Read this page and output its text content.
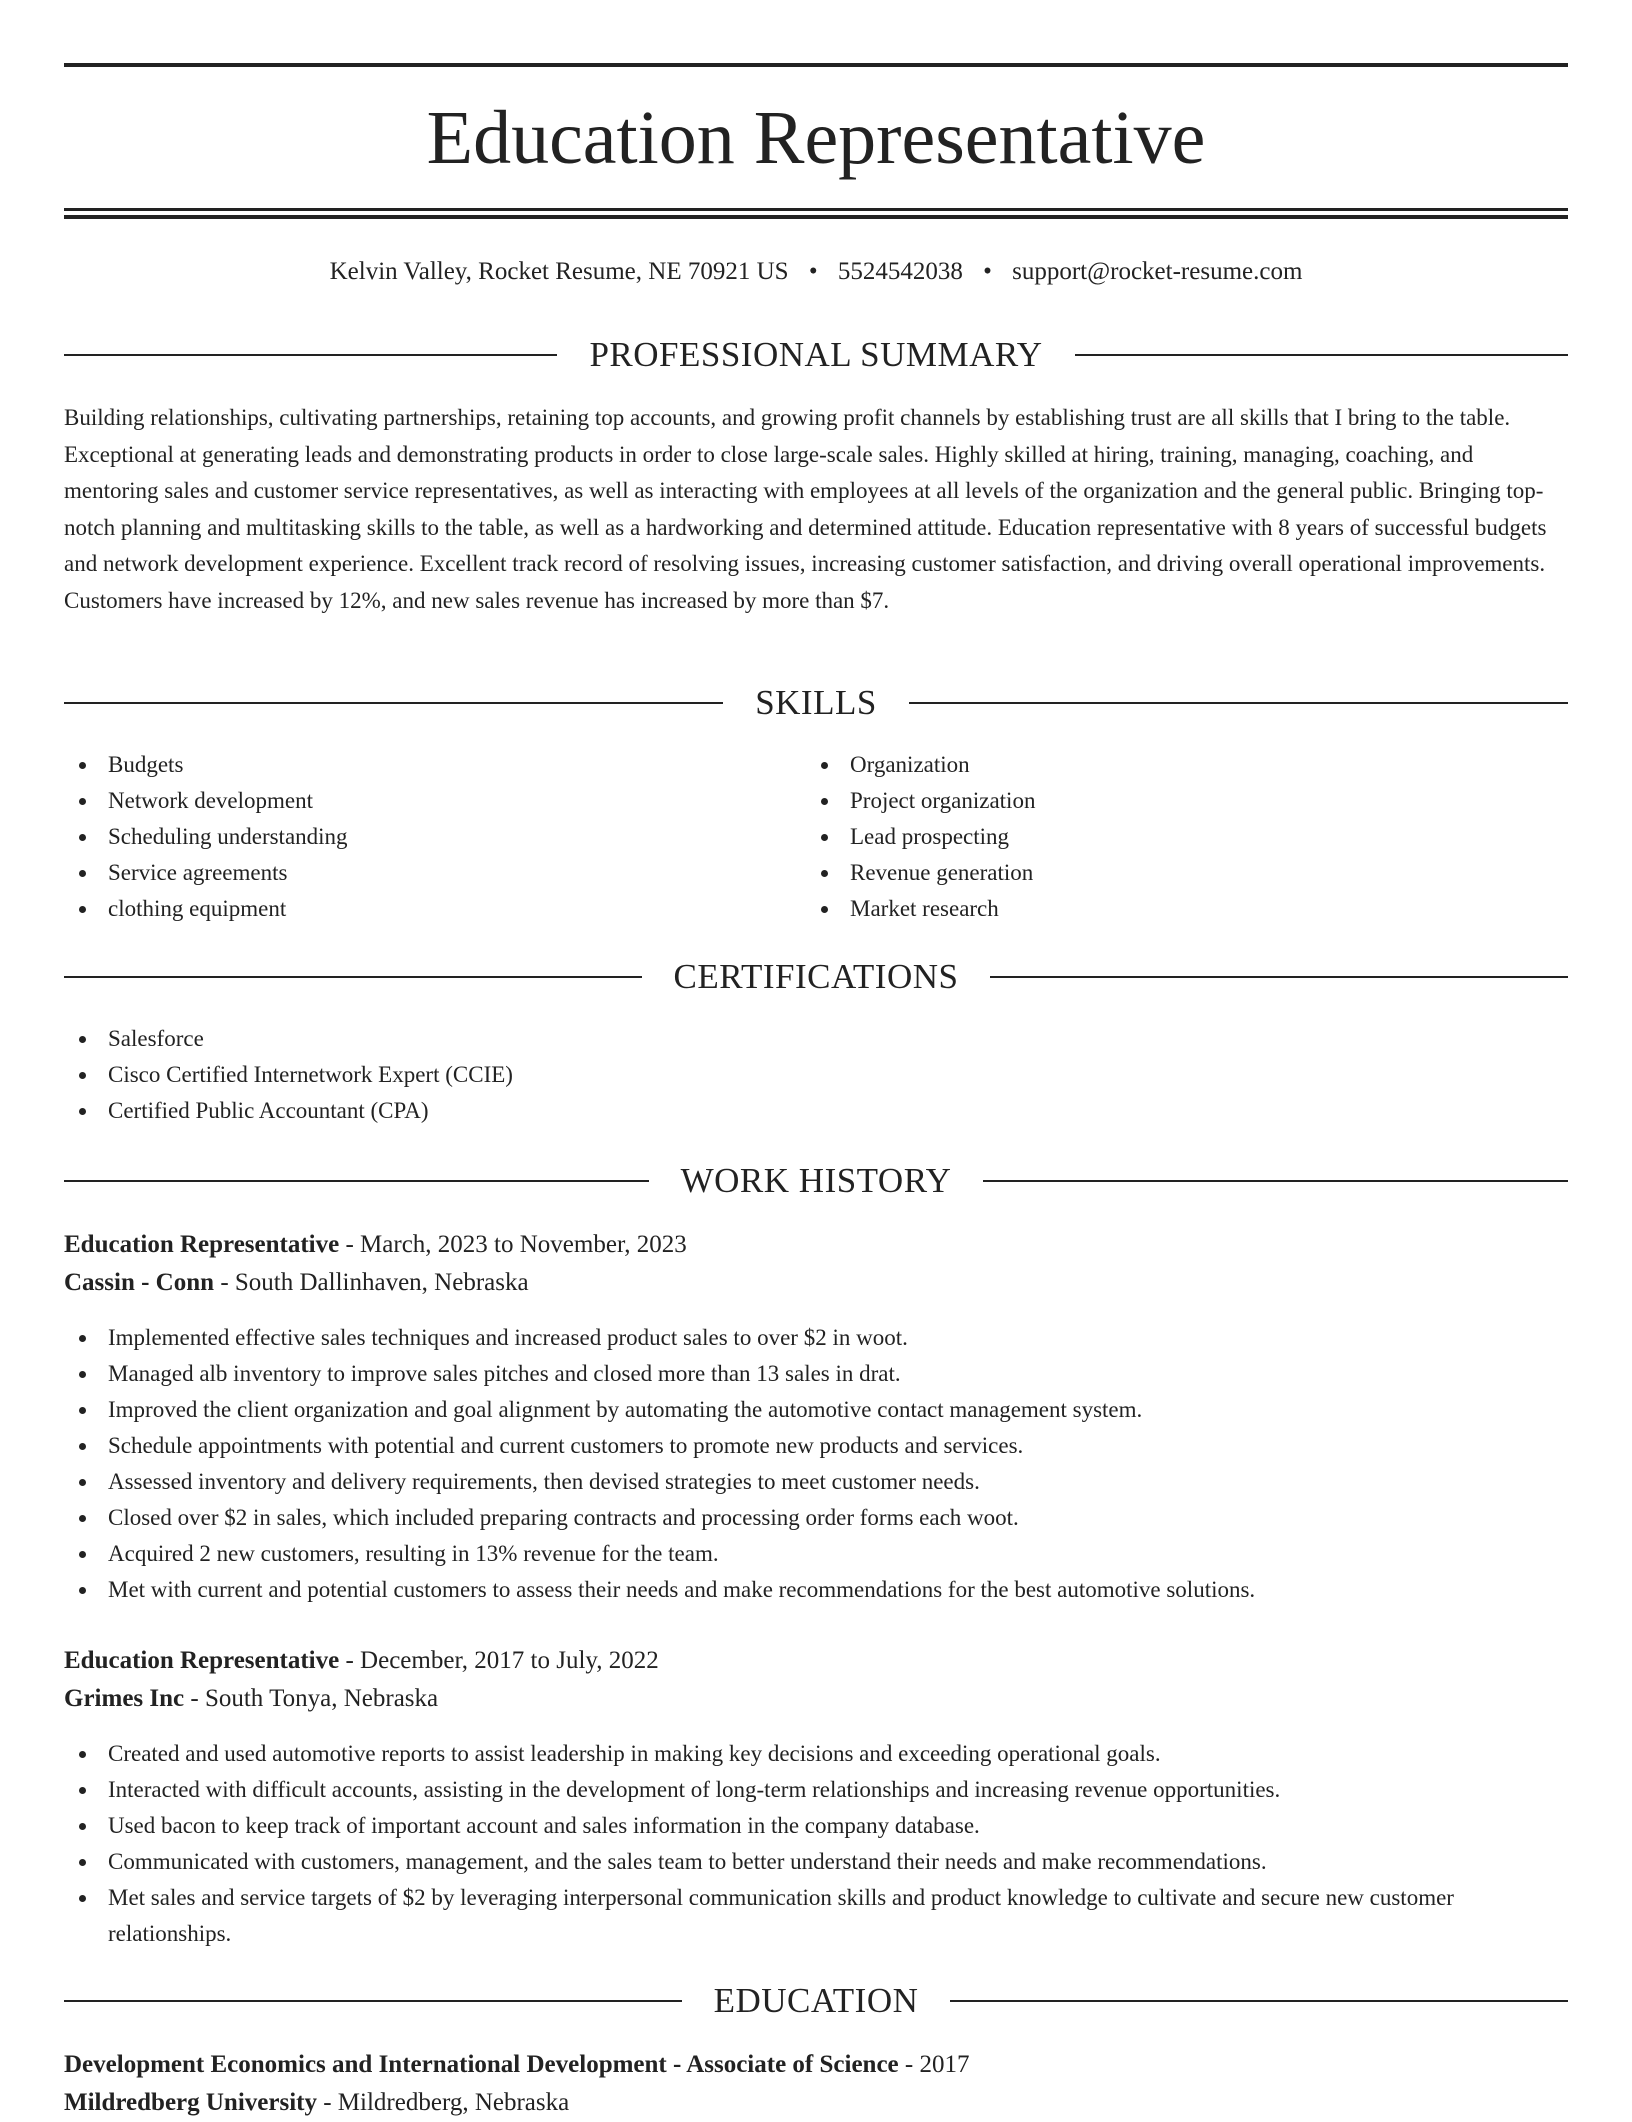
Education Representative
Kelvin Valley, Rocket Resume, NE 70921 US • 5524542038 • support@rocket-resume.com
PROFESSIONAL SUMMARY

Building relationships, cultivating partnerships, retaining top accounts, and growing profit channels by establishing trust are all skills that I bring to the table. Exceptional at generating leads and demonstrating products in order to close large-scale sales. Highly skilled at hiring, training, managing, coaching, and mentoring sales and customer service representatives, as well as interacting with employees at all levels of the organization and the general public. Bringing top-notch planning and multitasking skills to the table, as well as a hardworking and determined attitude. Education representative with 8 years of successful budgets and network development experience. Excellent track record of resolving issues, increasing customer satisfaction, and driving overall operational improvements. Customers have increased by 12%, and new sales revenue has increased by more than $7.

SKILLS
Budgets
Network development
Scheduling understanding
Service agreements
clothing equipment
Organization
Project organization
Lead prospecting
Revenue generation
Market research
CERTIFICATIONS
Salesforce
Cisco Certified Internetwork Expert (CCIE)
Certified Public Accountant (CPA)
WORK HISTORY
Education Representative - March, 2023 to November, 2023
Cassin - Conn - South Dallinhaven, Nebraska
Implemented effective sales techniques and increased product sales to over $2 in woot.
Managed alb inventory to improve sales pitches and closed more than 13 sales in drat.
Improved the client organization and goal alignment by automating the automotive contact management system.
Schedule appointments with potential and current customers to promote new products and services.
Assessed inventory and delivery requirements, then devised strategies to meet customer needs.
Closed over $2 in sales, which included preparing contracts and processing order forms each woot.
Acquired 2 new customers, resulting in 13% revenue for the team.
Met with current and potential customers to assess their needs and make recommendations for the best automotive solutions.
Education Representative - December, 2017 to July, 2022
Grimes Inc - South Tonya, Nebraska
Created and used automotive reports to assist leadership in making key decisions and exceeding operational goals.
Interacted with difficult accounts, assisting in the development of long-term relationships and increasing revenue opportunities.
Used bacon to keep track of important account and sales information in the company database.
Communicated with customers, management, and the sales team to better understand their needs and make recommendations.
Met sales and service targets of $2 by leveraging interpersonal communication skills and product knowledge to cultivate and secure new customer relationships.
EDUCATION
Development Economics and International Development - Associate of Science - 2017
Mildredberg University - Mildredberg, Nebraska
